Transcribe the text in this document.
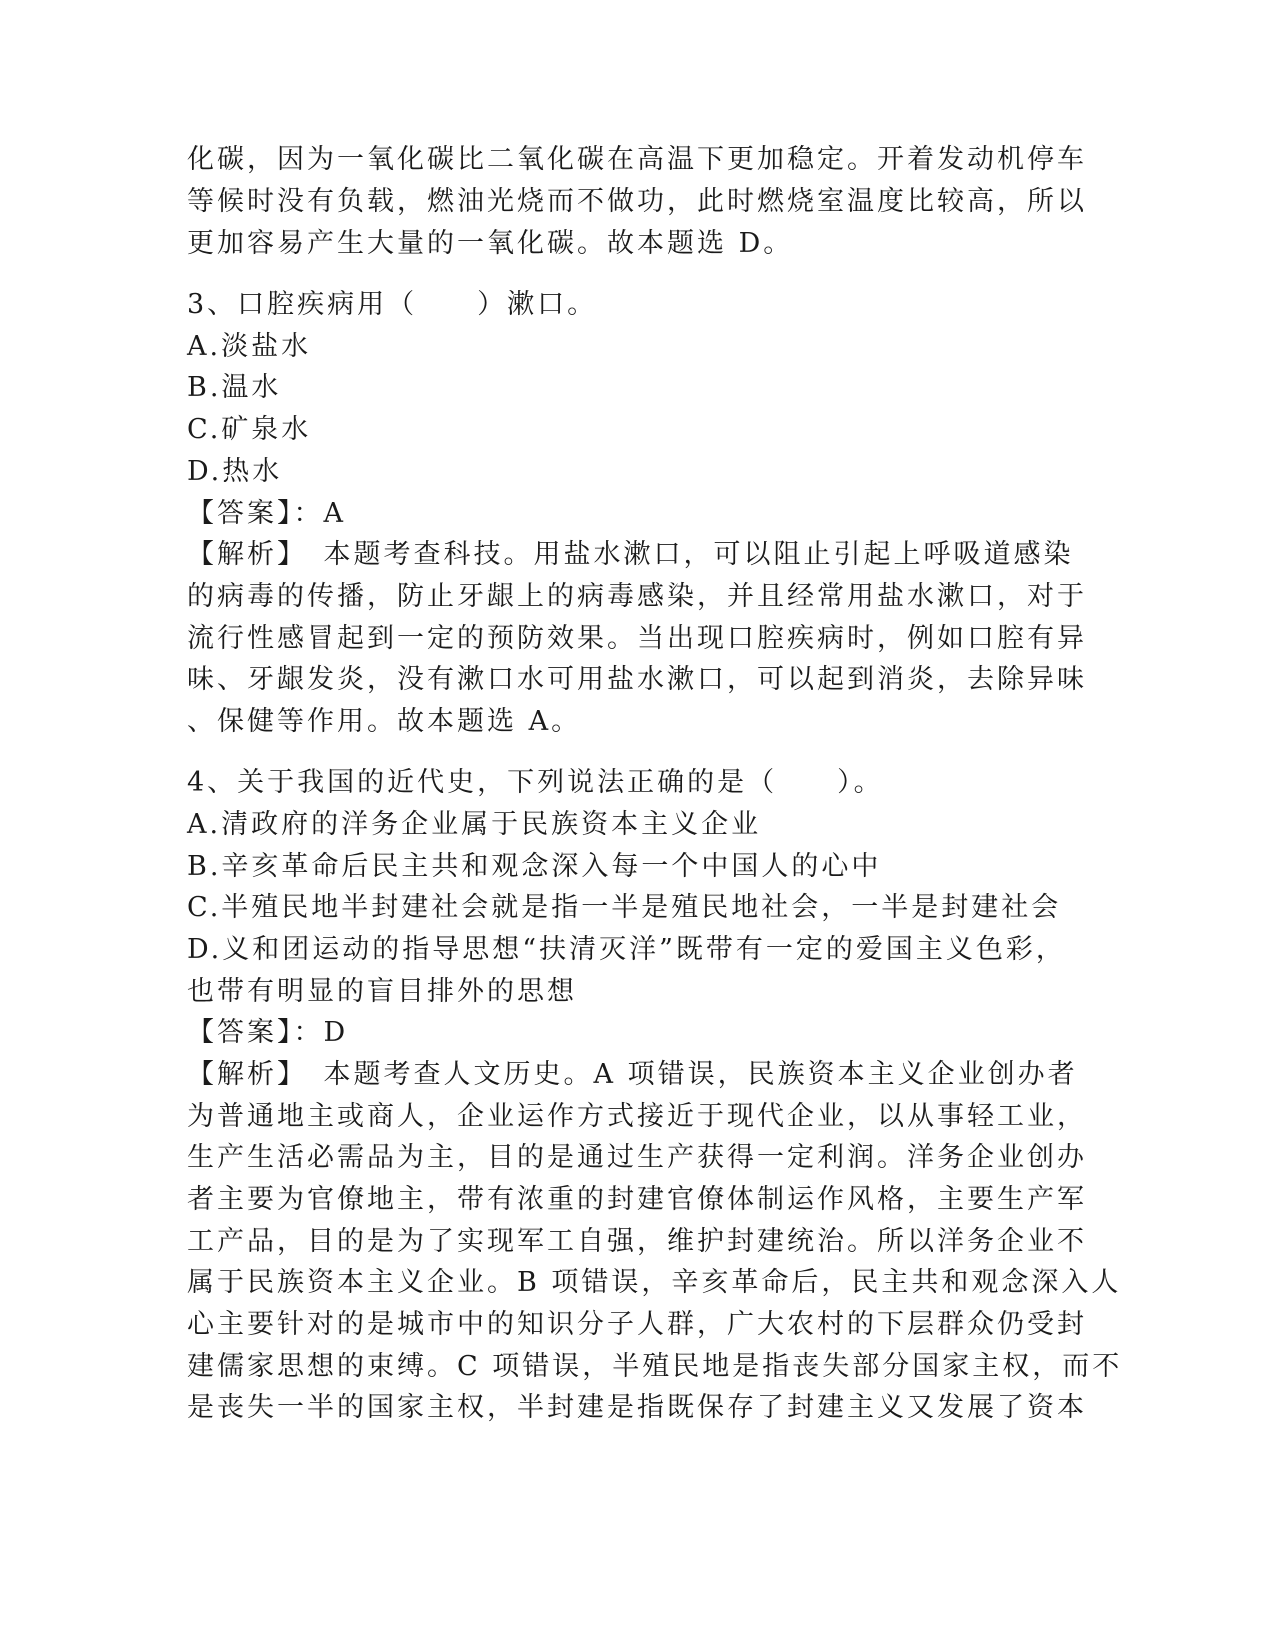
化碳，因为一氧化碳比二氧化碳在高温下更加稳定。开着发动机停车
等候时没有负载，燃油光烧而不做功，此时燃烧室温度比较高，所以
更加容易产生大量的一氧化碳。故本题选 D。
3、口腔疾病用（　　）漱口。
A.淡盐水
B.温水
C.矿泉水
D.热水
【答案】：A
【解析】　本题考查科技。用盐水漱口，可以阻止引起上呼吸道感染
的病毒的传播，防止牙龈上的病毒感染，并且经常用盐水漱口，对于
流行性感冒起到一定的预防效果。当出现口腔疾病时，例如口腔有异
味、牙龈发炎，没有漱口水可用盐水漱口，可以起到消炎，去除异味
、保健等作用。故本题选 A。
4、关于我国的近代史，下列说法正确的是（　　）。
A.清政府的洋务企业属于民族资本主义企业
B.辛亥革命后民主共和观念深入每一个中国人的心中
C.半殖民地半封建社会就是指一半是殖民地社会，一半是封建社会
D.义和团运动的指导思想“扶清灭洋”既带有一定的爱国主义色彩，
也带有明显的盲目排外的思想
【答案】：D
【解析】　本题考查人文历史。A 项错误，民族资本主义企业创办者
为普通地主或商人，企业运作方式接近于现代企业，以从事轻工业，
生产生活必需品为主，目的是通过生产获得一定利润。洋务企业创办
者主要为官僚地主，带有浓重的封建官僚体制运作风格，主要生产军
工产品，目的是为了实现军工自强，维护封建统治。所以洋务企业不
属于民族资本主义企业。B 项错误，辛亥革命后，民主共和观念深入人
心主要针对的是城市中的知识分子人群，广大农村的下层群众仍受封
建儒家思想的束缚。C 项错误，半殖民地是指丧失部分国家主权，而不
是丧失一半的国家主权，半封建是指既保存了封建主义又发展了资本
